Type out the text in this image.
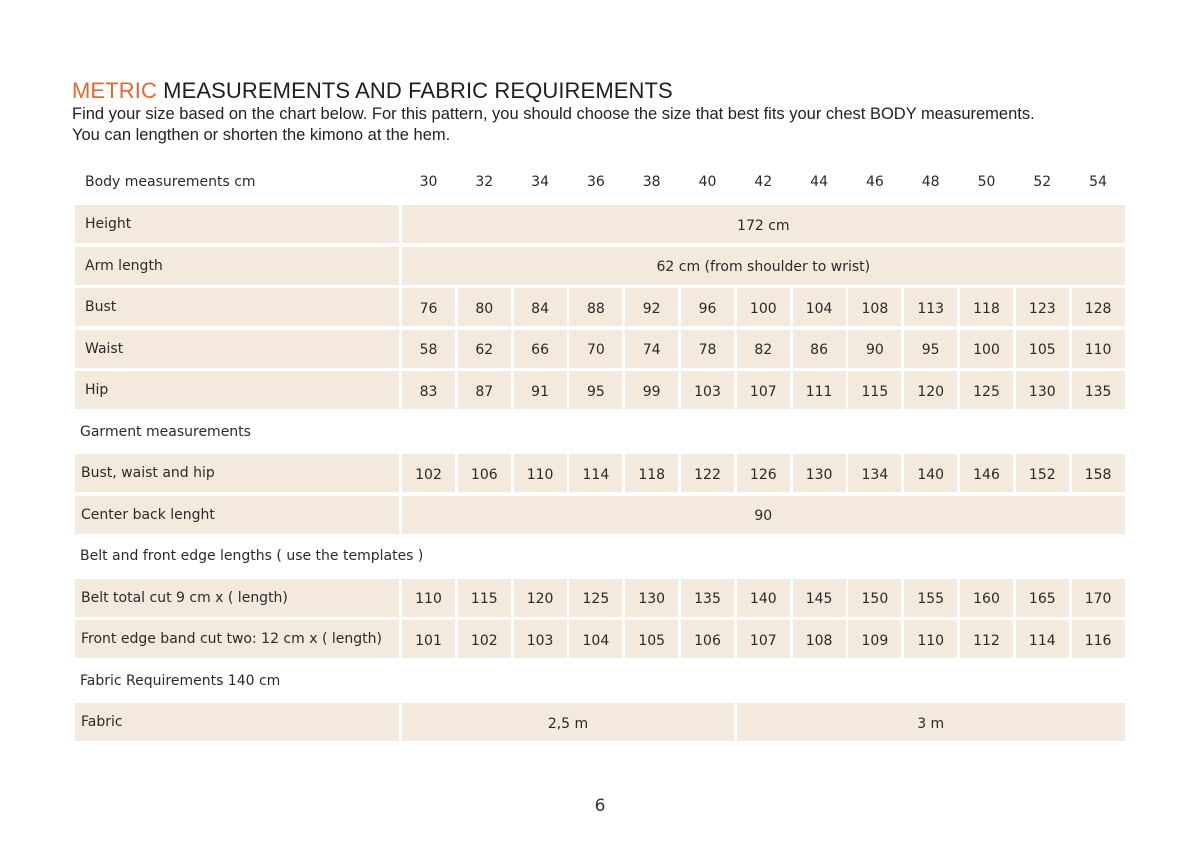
METRIC MEASUREMENTS AND FABRIC REQUIREMENTS

Find your size based on the chart below. For this pattern, you should choose the size that best fits your chest BODY measurements.

You can lengthen or shorten the kimono at the hem.

Body measurements cm	30	32	34	36	38	40	42	44	46	48	50	52	54
Height	172 cm
Arm length	62 cm (from shoulder to wrist)
Bust	76	80	84	88	92	96	100	104	108	113	118	123	128
Waist	58	62	66	70	74	78	82	86	90	95	100	105	110
Hip	83	87	91	95	99	103	107	111	115	120	125	130	135
Garment measurements
Bust, waist and hip	102	106	110	114	118	122	126	130	134	140	146	152	158
Center back lenght	90
Belt and front edge lengths ( use the templates )
Belt total cut 9 cm x ( length)	110	115	120	125	130	135	140	145	150	155	160	165	170
Front edge band cut two: 12 cm x ( length)	101	102	103	104	105	106	107	108	109	110	112	114	116
Fabric Requirements 140 cm
Fabric	2,5 m	3 m
6
